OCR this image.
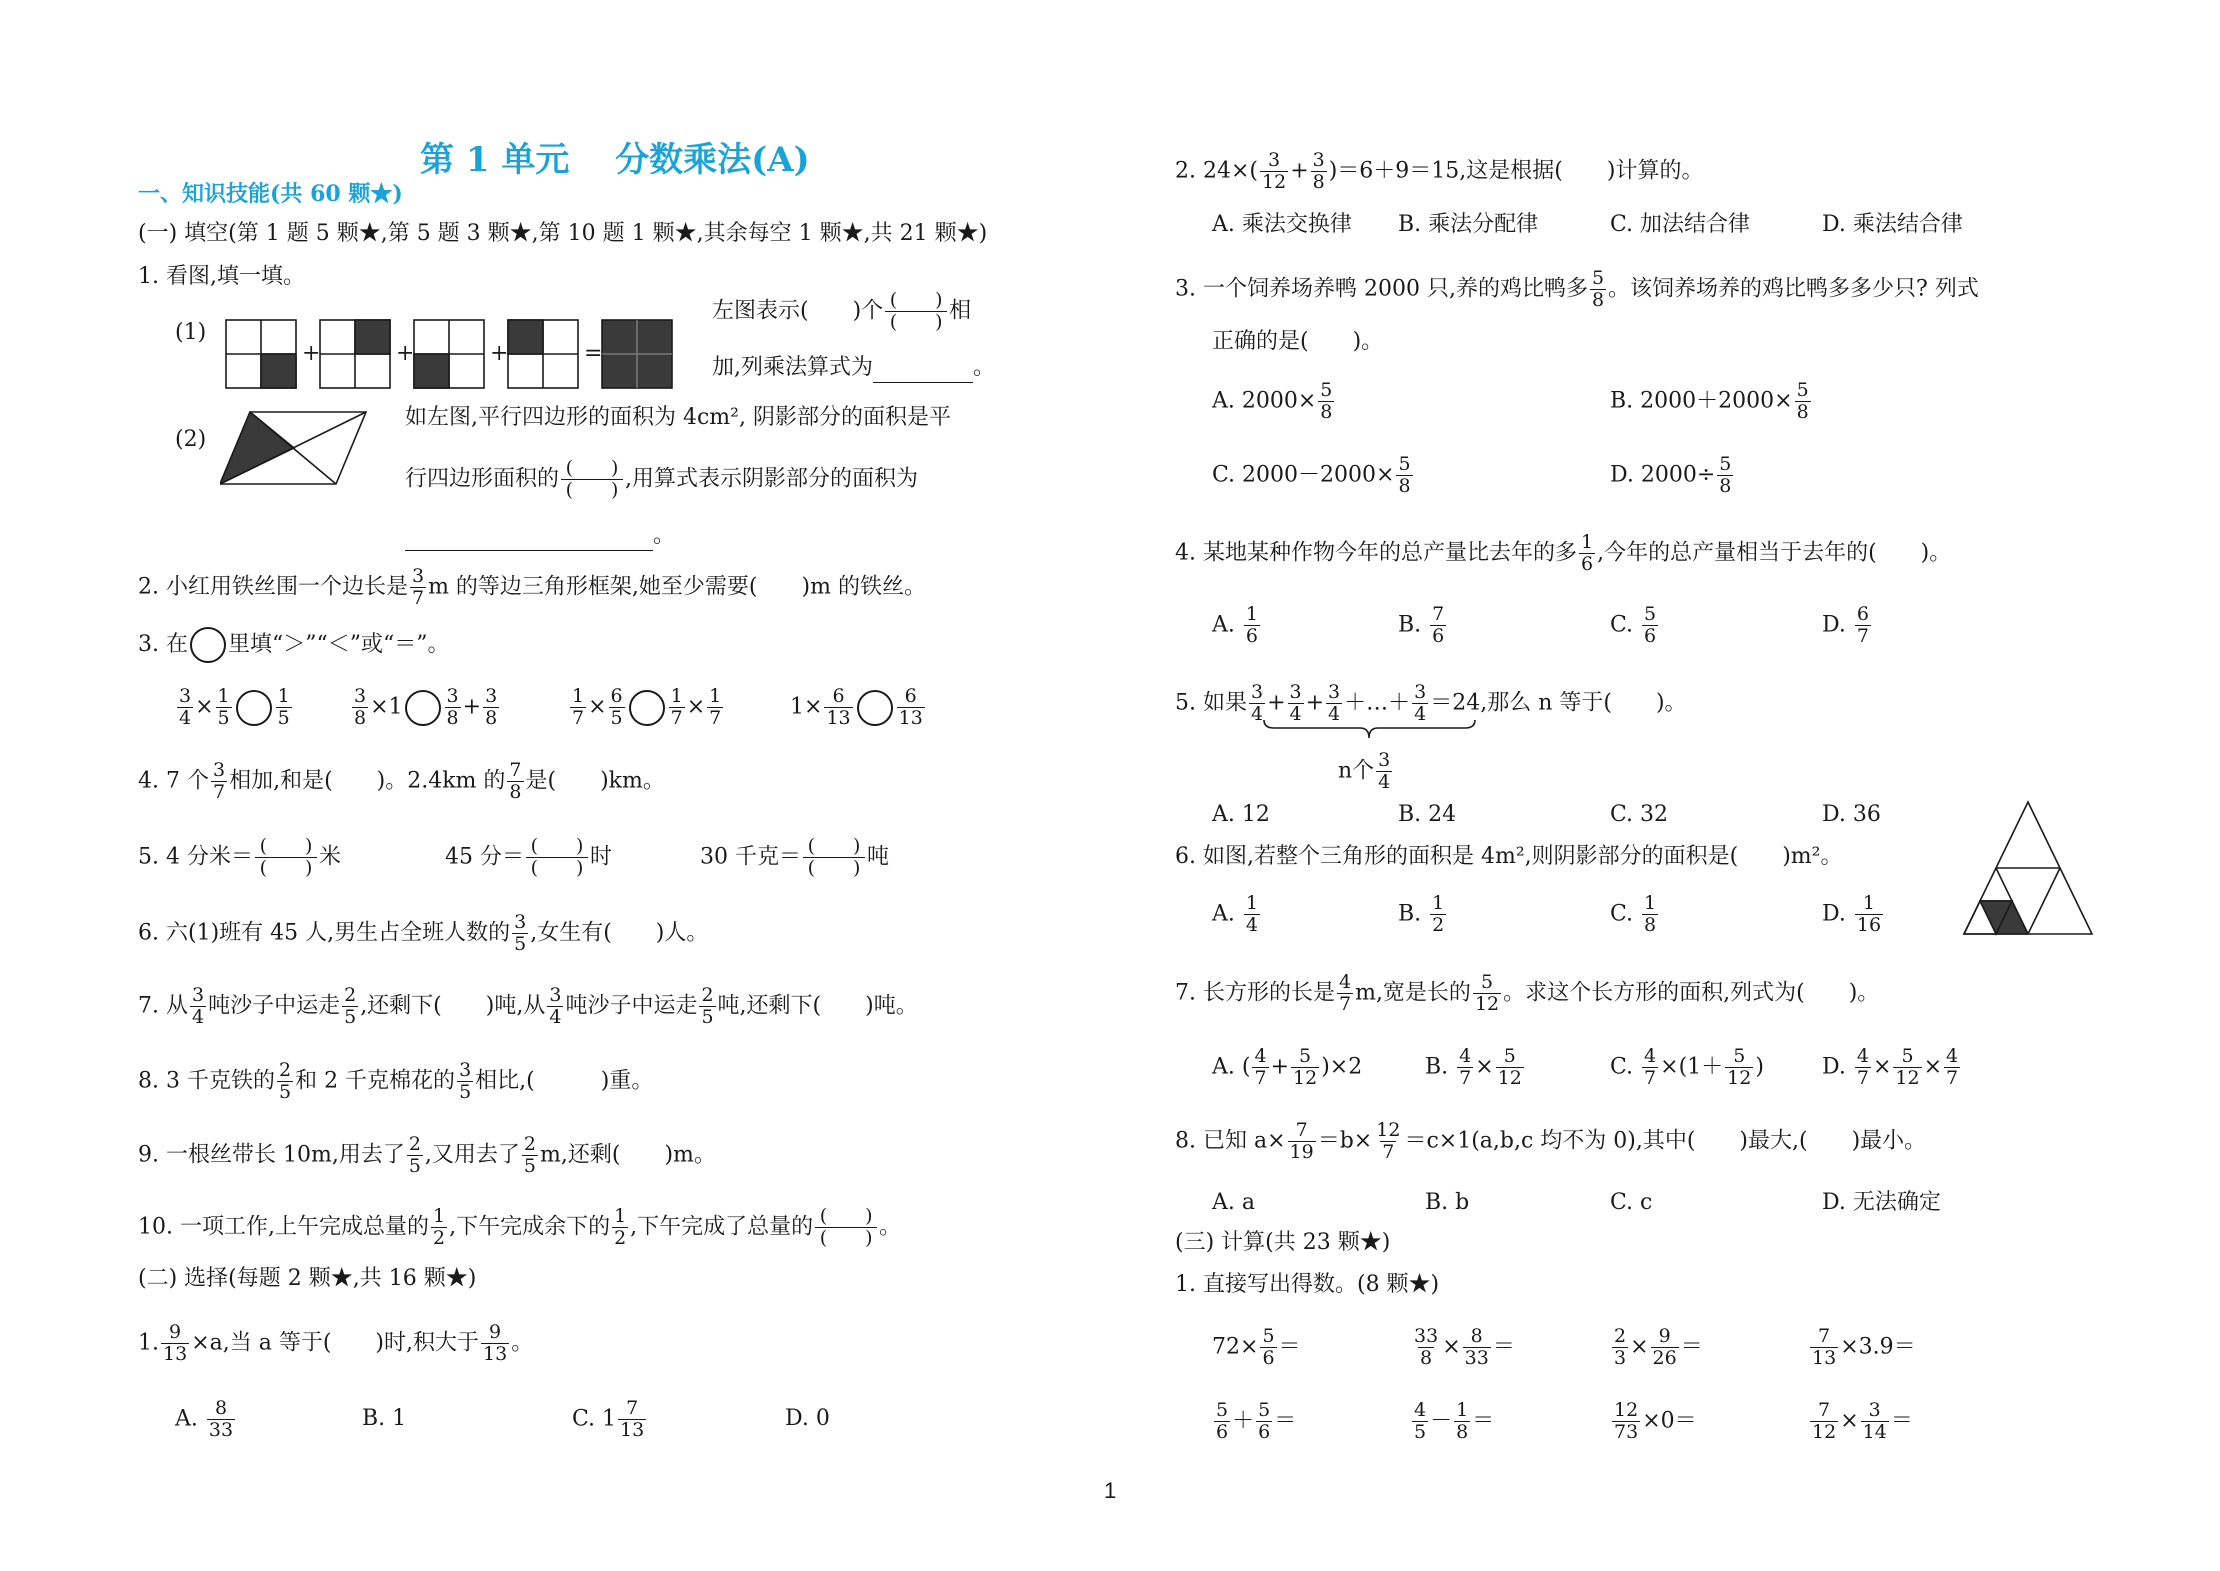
第 1 单元　 分数乘法(A)
一、知识技能(共 60 颗★)
(一) 填空(第 1 题 5 颗★,第 5 题 3 颗★,第 10 题 1 颗★,其余每空 1 颗★,共 21 颗★)
1. 看图,填一填。
(1)
+	+	+	=
左图表示(　　)个 $\frac{( )}{( )}$ 相
加,列乘法算式为	。
(2)
如左图,平行四边形的面积为 4cm², 阴影部分的面积是平
行四边形面积的 $\frac{( )}{( )}$ ,用算式表示阴影部分的面积为
。
2. 小红用铁丝围一个边长是 $\frac{3}{7}$ m 的等边三角形框架,她至少需要(　　)m 的铁丝。
3. 在 里填“＞”“＜”或“＝”。
$\frac{3}{4} \times \frac{1}{5} \frac{1}{5}$	$\frac{3}{8} \times 1 \frac{3}{8} + \frac{3}{8}$	$\frac{1}{7} \times \frac{6}{5} \frac{1}{7} \times \frac{1}{7}$	$1\times \frac{6}{13} \frac{6}{13}$
4. 7 个 $\frac{3}{7}$ 相加,和是(　　)。2.4km 的 $\frac{7}{8}$ 是(　　)km。
5. 4 分米＝ $\frac{( )}{( )}$ 米	45 分＝ $\frac{( )}{( )}$ 时	30 千克＝ $\frac{( )}{( )}$ 吨
6. 六(1)班有 45 人,男生占全班人数的 $\frac{3}{5}$ ,女生有(　　)人。
7. 从 $\frac{3}{4}$ 吨沙子中运走 $\frac{2}{5}$ ,还剩下(　　)吨,从 $\frac{3}{4}$ 吨沙子中运走 $\frac{2}{5}$ 吨,还剩下(　　)吨。
8. 3 千克铁的 $\frac{2}{5}$ 和 2 千克棉花的 $\frac{3}{5}$ 相比,(　　　)重。
9. 一根丝带长 10m,用去了 $\frac{2}{5}$ ,又用去了 $\frac{2}{5} m$,还剩(　　)m。
10. 一项工作,上午完成总量的 $\frac{1}{2}$ ,下午完成余下的 $\frac{1}{2}$ ,下午完成了总量的 $\frac{( )}{( )}$ 。
(二) 选择(每题 2 颗★,共 16 颗★)
1. $\frac{9}{13} \times a$,当 a 等于(　　)时,积大于 $\frac{9}{13}$ 。
A. $\frac{8}{33}$	B. 1	C. $1 \frac{7}{13}$	D. 0
2. $24\times( \frac{3}{12} + \frac{3}{8} )=6+9=15$,这是根据(　　)计算的。
A. 乘法交换律 B. 乘法分配律	C. 加法结合律	D. 乘法结合律
3. 一个饲养场养鸭 2000 只,养的鸡比鸭多 $\frac{5}{8}$ 。该饲养场养的鸡比鸭多多少只? 列式
正确的是(　　)。
A. $2000\times \frac{5}{8}$	B. $2000+2000\times \frac{5}{8}$
C. $2000-2000\times \frac{5}{8}$	D. $2000\div \frac{5}{8}$
4. 某地某种作物今年的总产量比去年的多 $\frac{1}{6}$ ,今年的总产量相当于去年的(　　)。
A. $\frac{1}{6}$	B. $\frac{7}{6}$	C. $\frac{5}{6}$	D. $\frac{6}{7}$
5. 如果 $\frac{3}{4} + \frac{3}{4} + \frac{3}{4}$ ＋…＋ $\frac{3}{4} =24$,那么 n 等于(　　)。
n个 $\frac{3}{4}$
A. 12	B. 24	C. 32	D. 36
6. 如图,若整个三角形的面积是 4m²,则阴影部分的面积是(　　)m²。
A. $\frac{1}{4}$	B. $\frac{1}{2}$	C. $\frac{1}{8}$	D. $\frac{1}{16}$
7. 长方形的长是 $\frac{4}{7} m$,宽是长的 $\frac{5}{12}$ 。求这个长方形的面积,列式为(　　)。
A. ( $\frac{4}{7} + \frac{5}{12} )\times 2$	B. $\frac{4}{7} \times \frac{5}{12}$	C. $\frac{4}{7} \times(1+ \frac{5}{12}$ )	D. $\frac{4}{7} \times \frac{5}{12} \times \frac{4}{7}$
8. 已知 $a\times \frac{7}{19} =b\times \frac{12}{7} =c\times 1(a,b,c$ 均不为 0),其中(　　)最大,(　　)最小。
A. a	B. b	C. c	D. 无法确定
(三) 计算(共 23 颗★)
1. 直接写出得数。(8 颗★)
$72\times \frac{5}{6}$ ＝	$\frac{33}{8} \times \frac{8}{33}$ ＝	$\frac{2}{3} \times \frac{9}{26}$ ＝	$\frac{7}{13} \times 3.9=$
$\frac{5}{6} + \frac{5}{6}$ ＝	$\frac{4}{5} - \frac{1}{8}$ ＝	$\frac{12}{73} \times 0=$	$\frac{7}{12} \times \frac{3}{14}$ ＝
1
